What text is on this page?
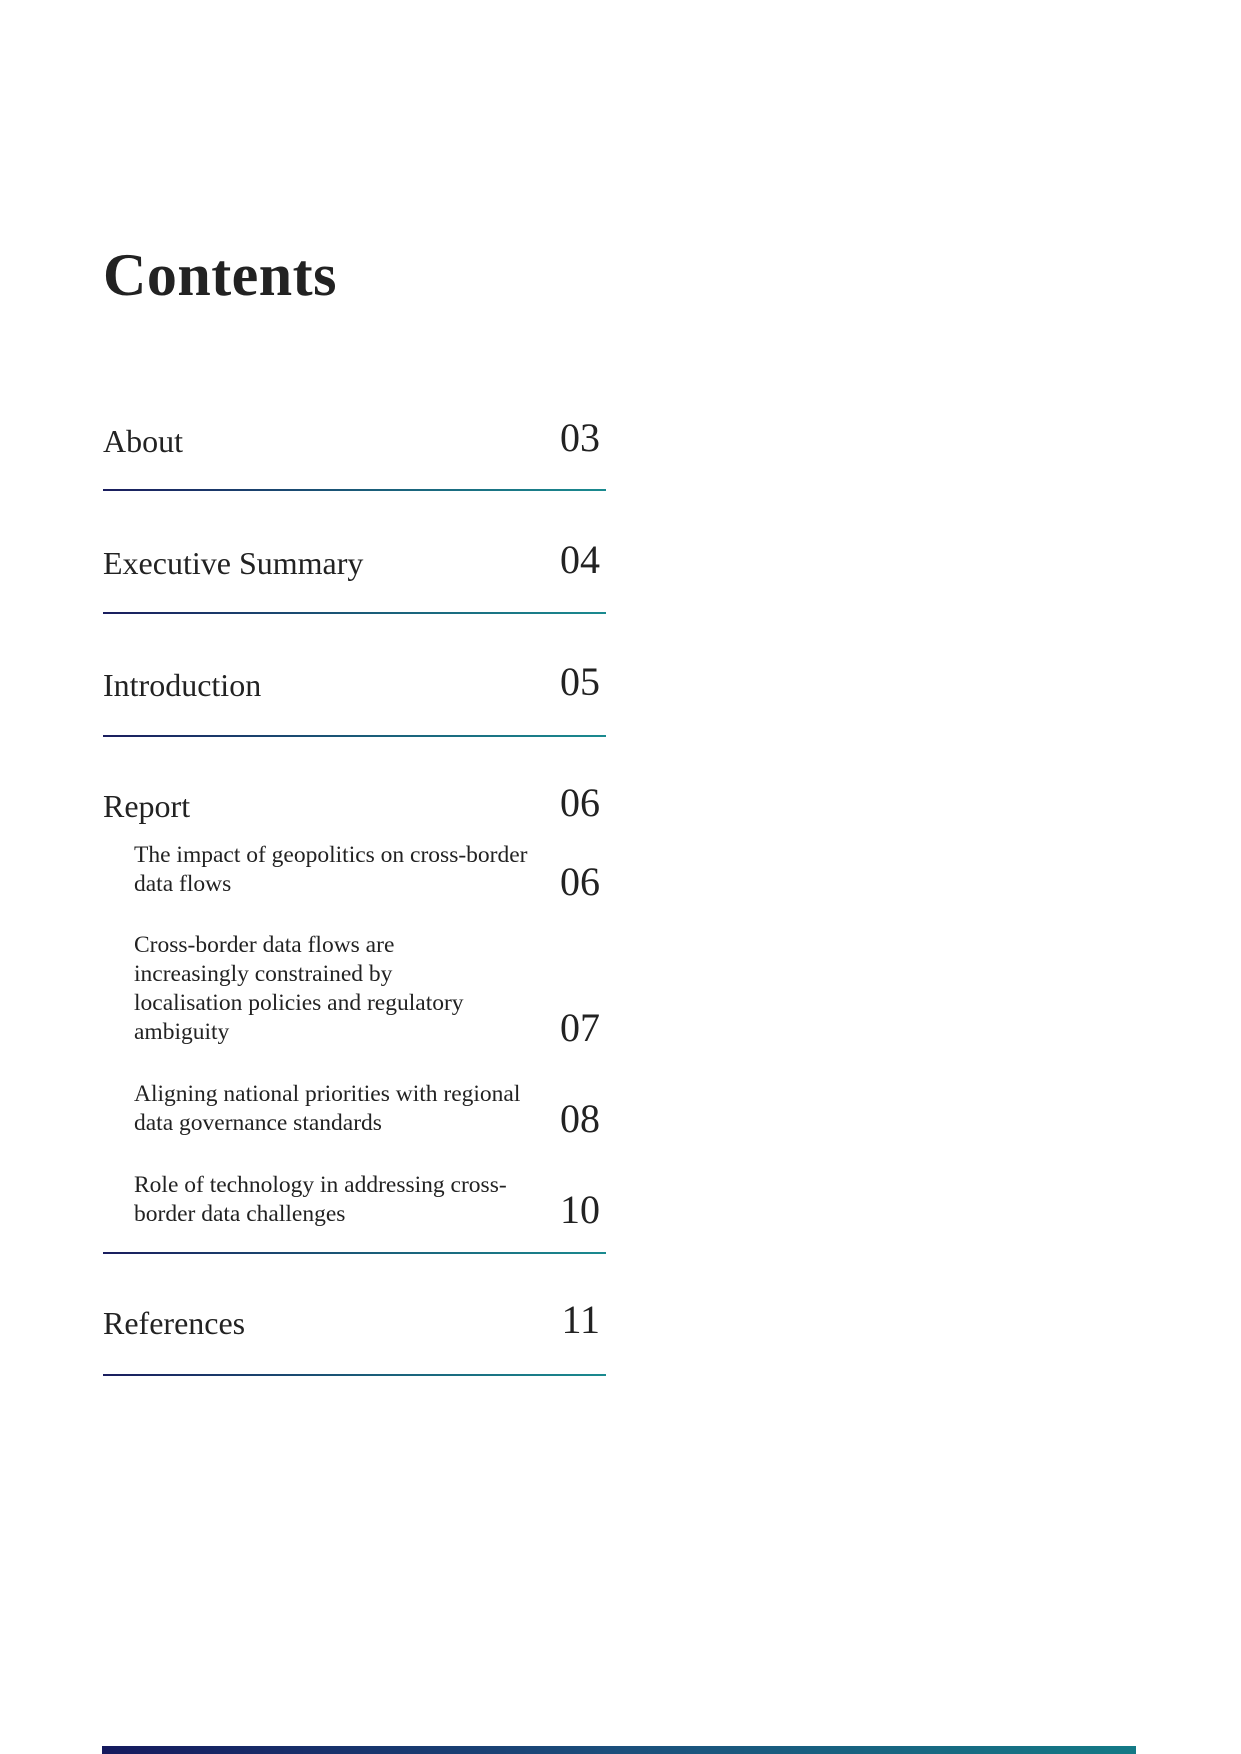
Contents
About	03
Executive Summary	04
Introduction	05
Report	06
The impact of geopolitics on cross-border data flows	06
Cross-border data flows are increasingly constrained by localisation policies and regulatory ambiguity	07
Aligning national priorities with regional data governance standards	08
Role of technology in addressing cross-border data challenges	10
References	11
